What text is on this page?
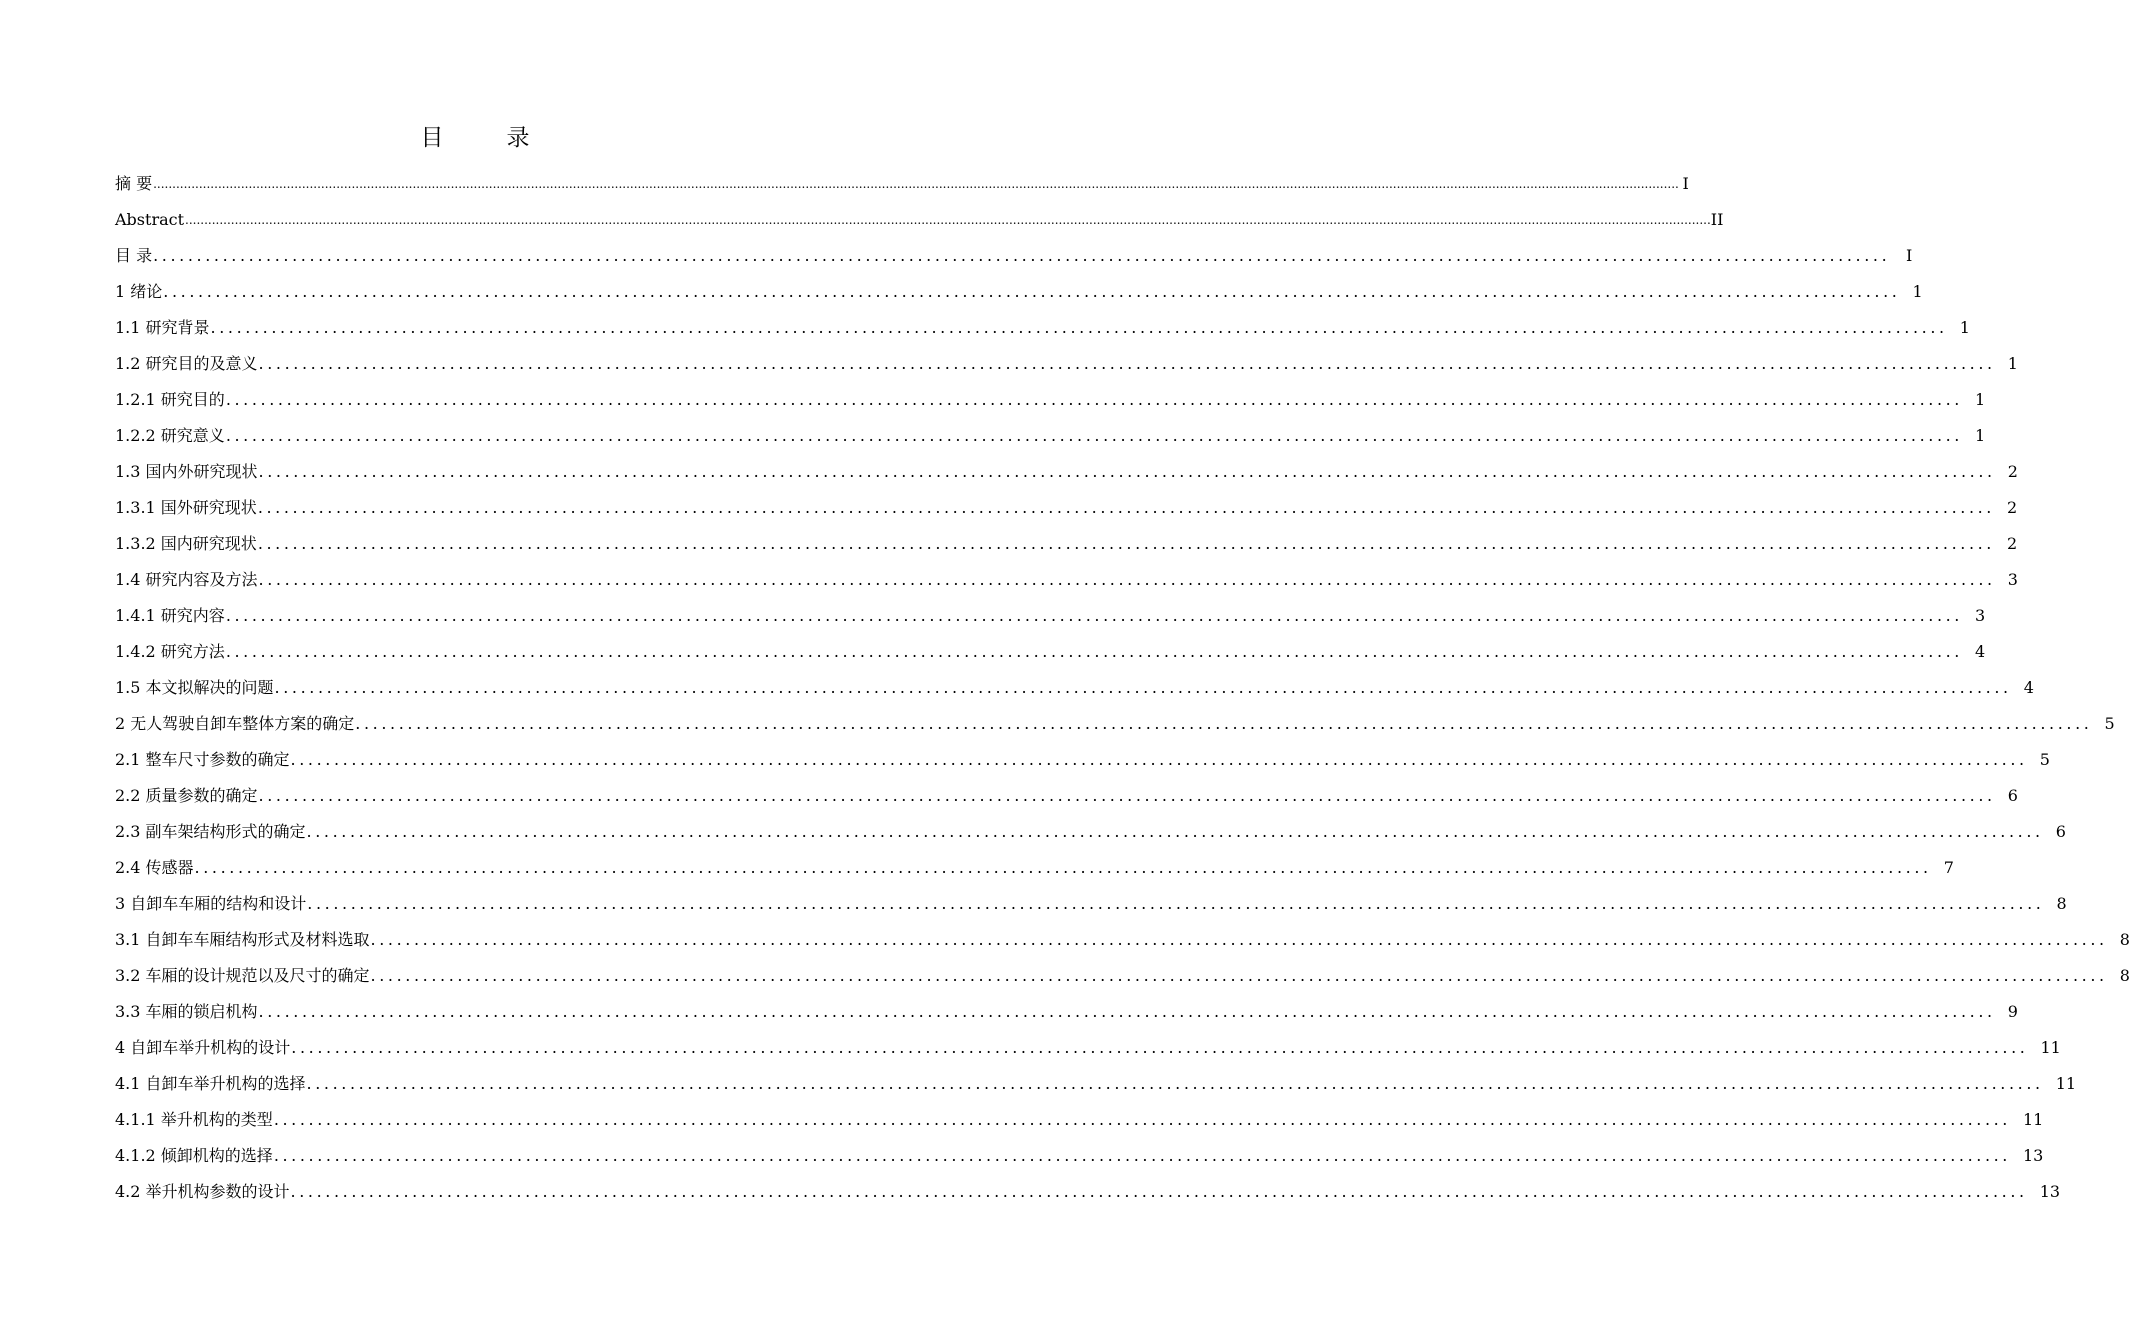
目　录
摘 要 ................................................................................................................................................................................................................................................................................................................................................................................................................ I
Abstract ................................................................................................................................................................................................................................................................................................................................................................................................................ II
目 录 ........................................................................................................................................................................................................ I
1 绪论 ........................................................................................................................................................................................................ 1
1.1 研究背景 ........................................................................................................................................................................................................ 1
1.2 研究目的及意义 ........................................................................................................................................................................................................ 1
1.2.1 研究目的 ........................................................................................................................................................................................................ 1
1.2.2 研究意义 ........................................................................................................................................................................................................ 1
1.3 国内外研究现状 ........................................................................................................................................................................................................ 2
1.3.1 国外研究现状 ........................................................................................................................................................................................................ 2
1.3.2 国内研究现状 ........................................................................................................................................................................................................ 2
1.4 研究内容及方法 ........................................................................................................................................................................................................ 3
1.4.1 研究内容 ........................................................................................................................................................................................................ 3
1.4.2 研究方法 ........................................................................................................................................................................................................ 4
1.5 本文拟解决的问题 ........................................................................................................................................................................................................ 4
2 无人驾驶自卸车整体方案的确定 ........................................................................................................................................................................................................ 5
2.1 整车尺寸参数的确定 ........................................................................................................................................................................................................ 5
2.2 质量参数的确定 ........................................................................................................................................................................................................ 6
2.3 副车架结构形式的确定 ........................................................................................................................................................................................................ 6
2.4 传感器 ........................................................................................................................................................................................................ 7
3 自卸车车厢的结构和设计 ........................................................................................................................................................................................................ 8
3.1 自卸车车厢结构形式及材料选取 ........................................................................................................................................................................................................ 8
3.2 车厢的设计规范以及尺寸的确定 ........................................................................................................................................................................................................ 8
3.3 车厢的锁启机构 ........................................................................................................................................................................................................ 9
4 自卸车举升机构的设计 ........................................................................................................................................................................................................ 11
4.1 自卸车举升机构的选择 ........................................................................................................................................................................................................ 11
4.1.1 举升机构的类型 ........................................................................................................................................................................................................ 11
4.1.2 倾卸机构的选择 ........................................................................................................................................................................................................ 13
4.2 举升机构参数的设计 ........................................................................................................................................................................................................ 13
